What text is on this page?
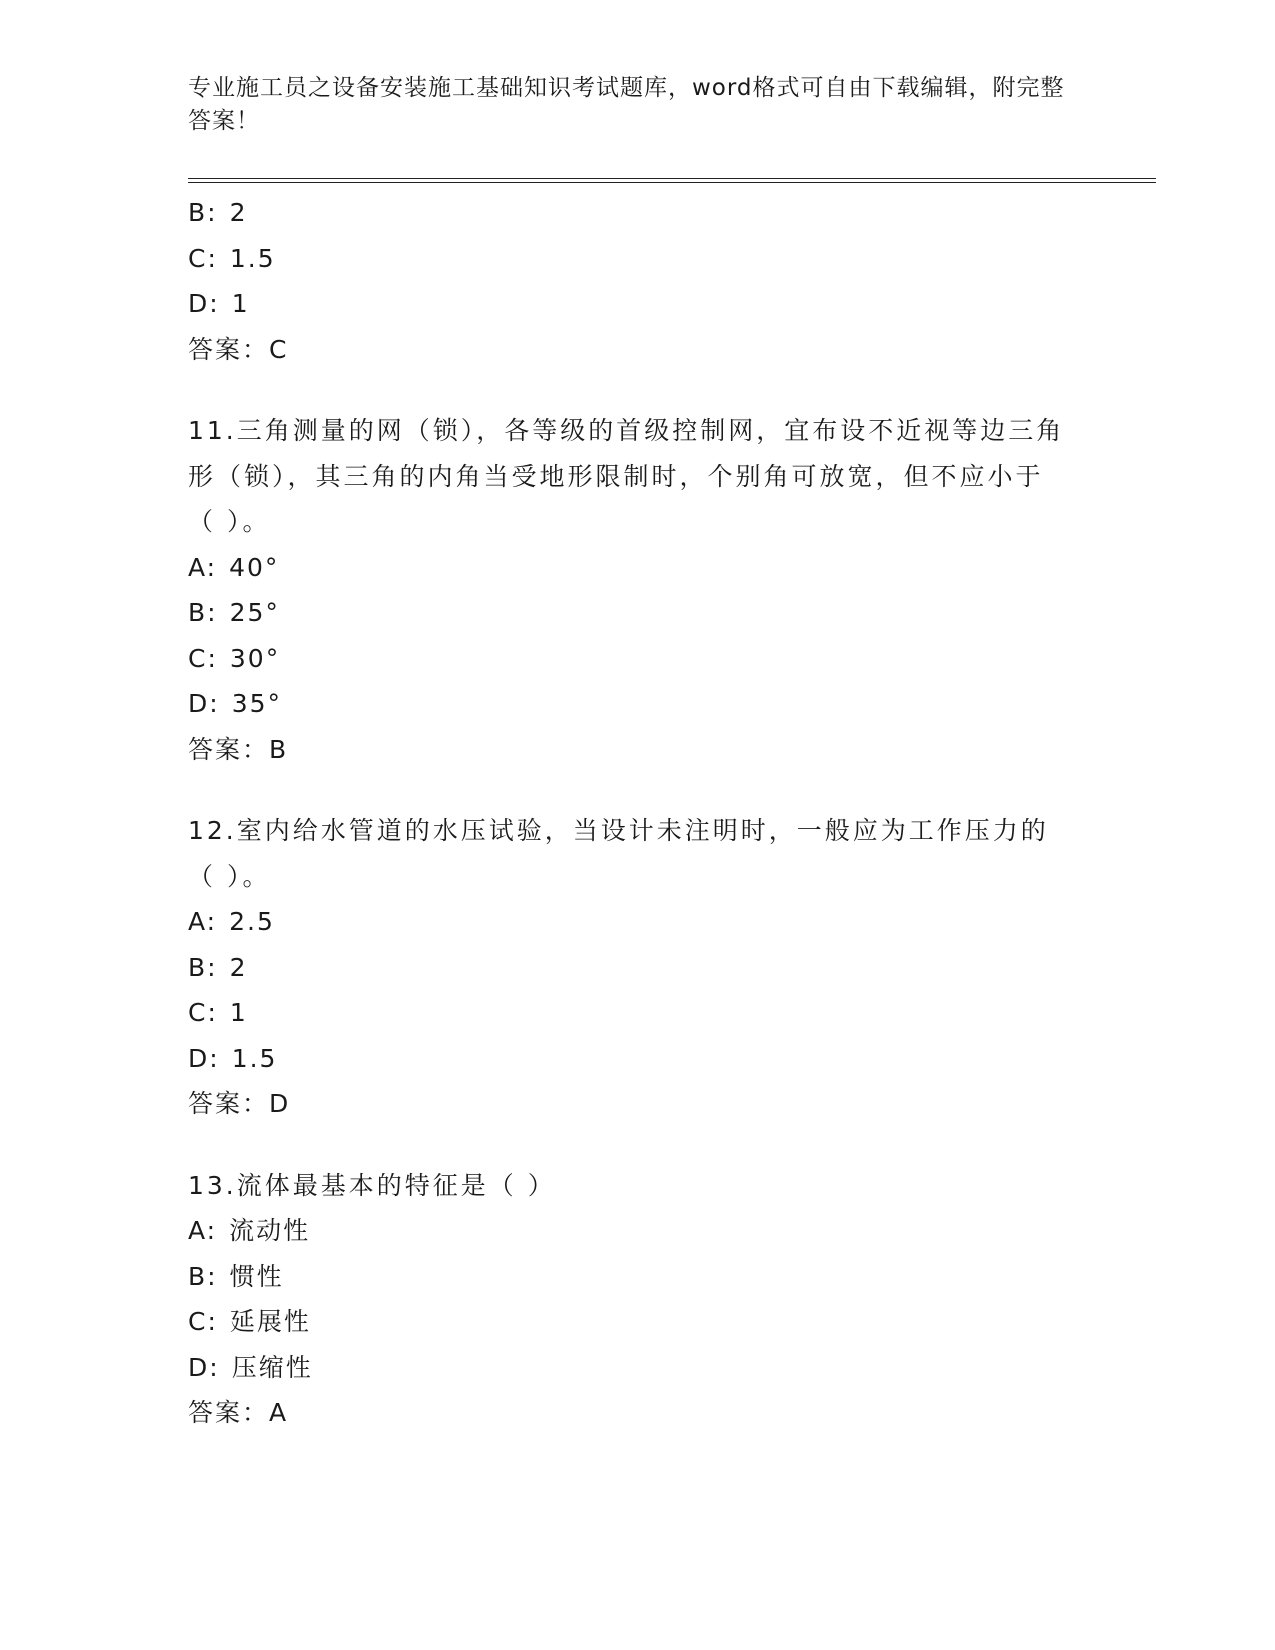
专业施工员之设备安装施工基础知识考试题库，word格式可自由下载编辑，附完整答案！
B: 2
C: 1.5
D: 1
答案：C
11.三角测量的网（锁），各等级的首级控制网，宜布设不近视等边三角形（锁），其三角的内角当受地形限制时，个别角可放宽，但不应小于（ ）。
A: 40°
B: 25°
C: 30°
D: 35°
答案：B
12.室内给水管道的水压试验，当设计未注明时，一般应为工作压力的（ ）。
A: 2.5
B: 2
C: 1
D: 1.5
答案：D
13.流体最基本的特征是（ ）
A: 流动性
B: 惯性
C: 延展性
D: 压缩性
答案：A
